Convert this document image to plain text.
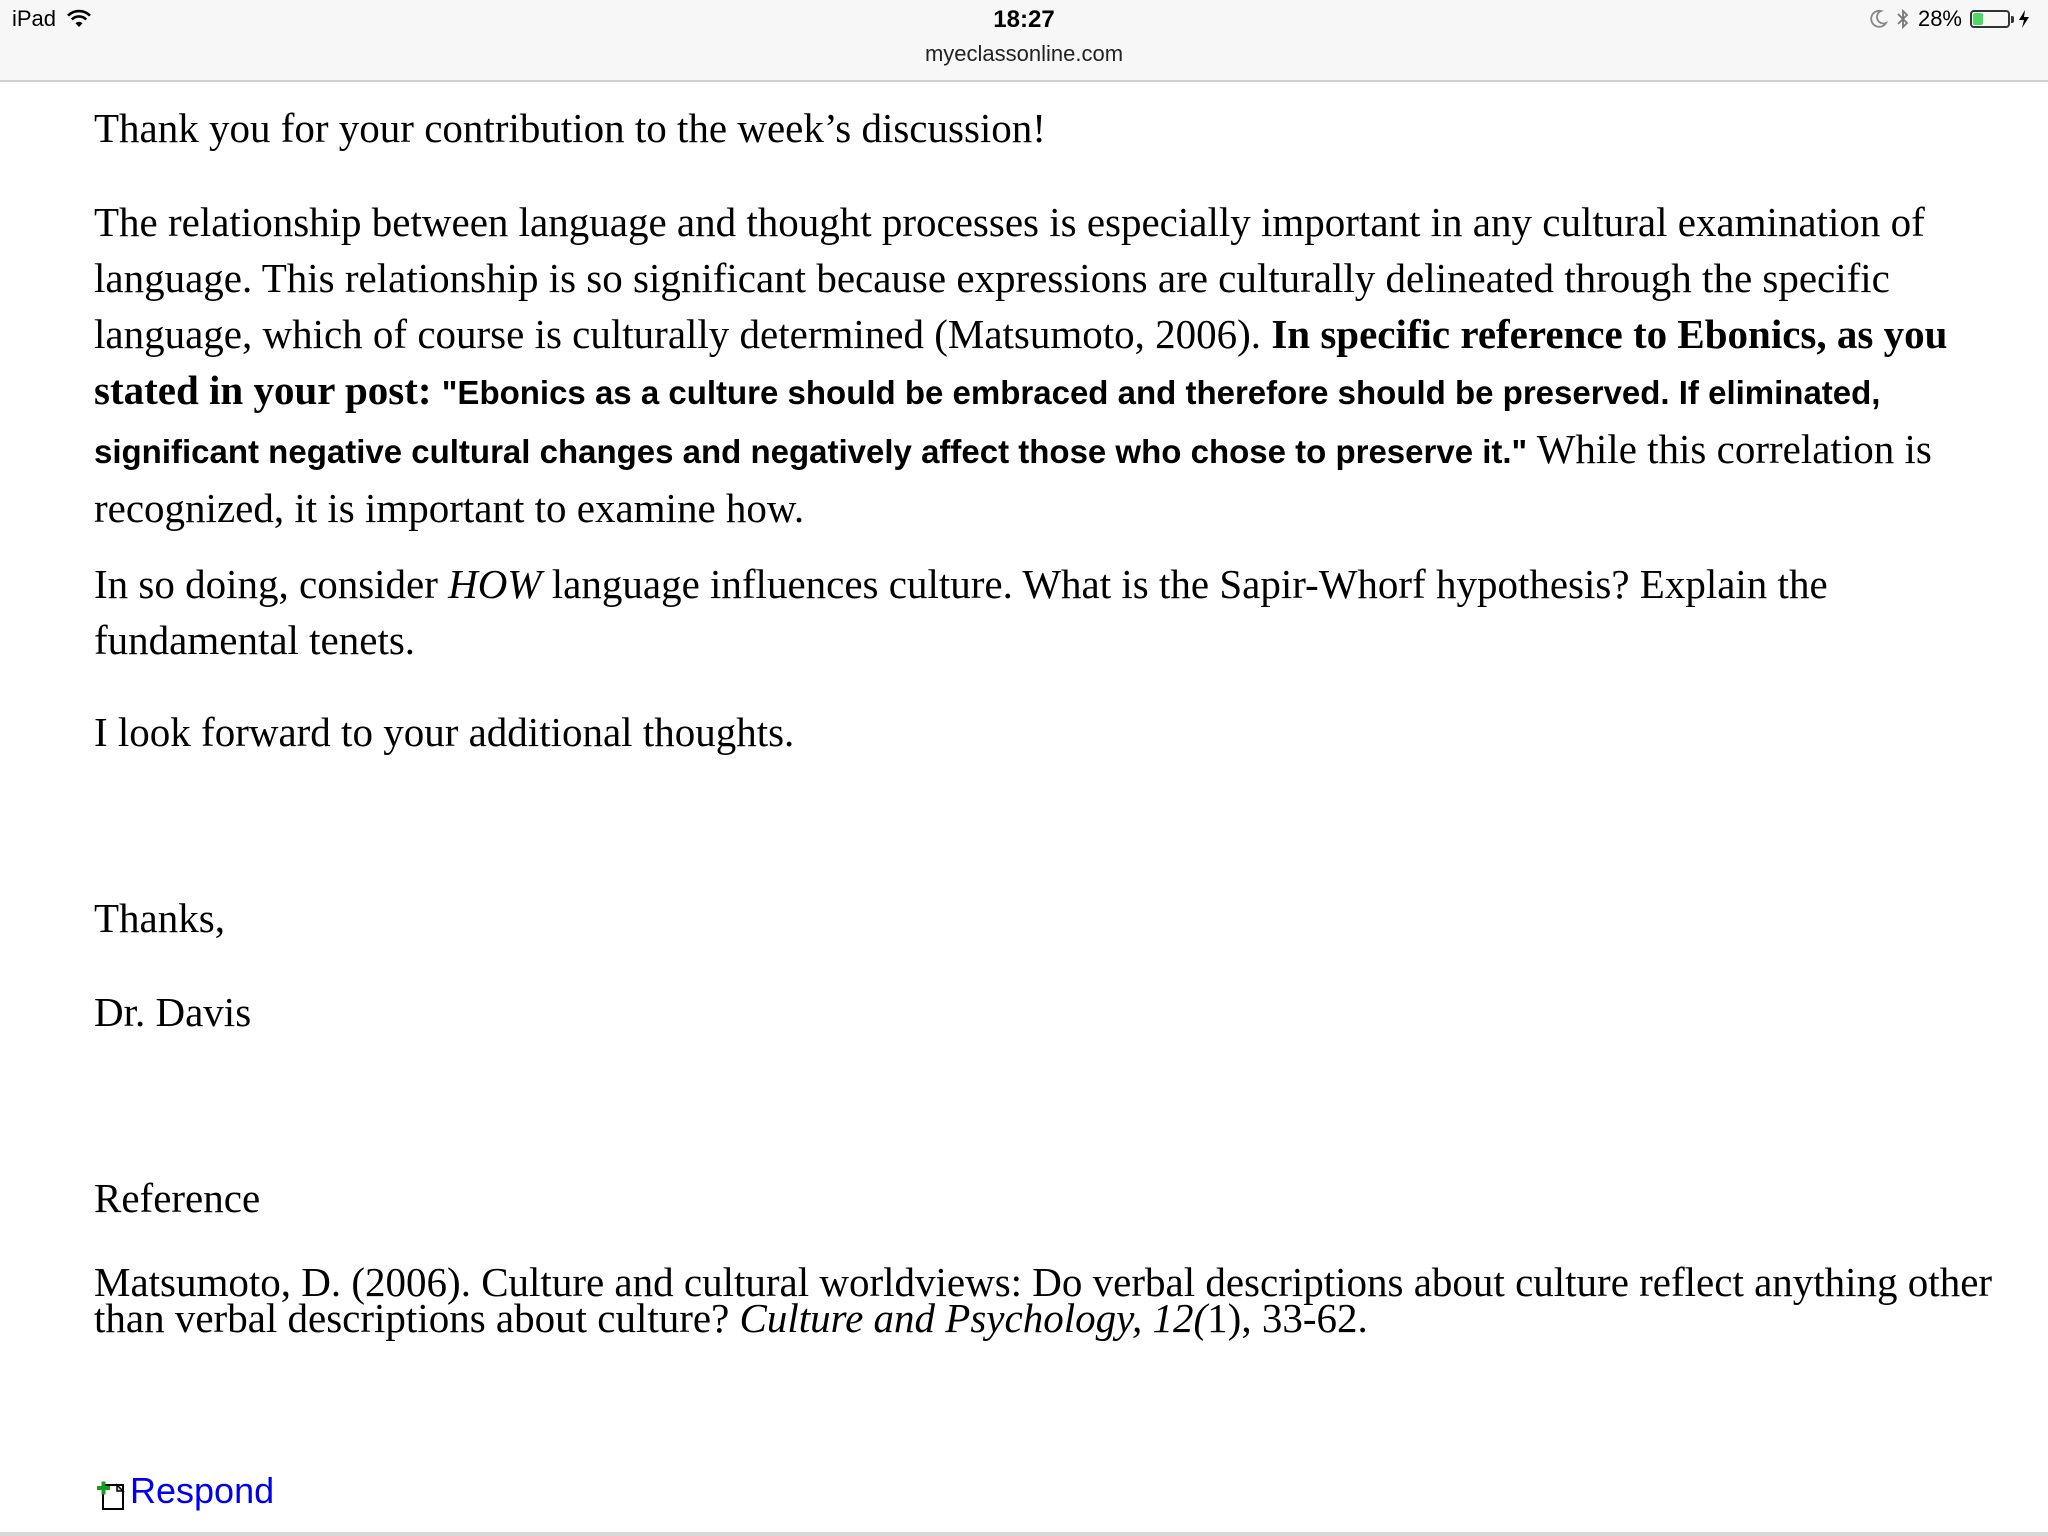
iPad	18:27
myeclassonline.com
28%

Thank you for your contribution to the week’s discussion!

The relationship between language and thought processes is especially important in any cultural examination of language. This relationship is so significant because expressions are culturally delineated through the specific language, which of course is culturally determined (Matsumoto, 2006). In specific reference to Ebonics, as you stated in your post: "Ebonics as a culture should be embraced and therefore should be preserved. If eliminated, significant negative cultural changes and negatively affect those who chose to preserve it." While this correlation is recognized, it is important to examine how.

In so doing, consider HOW language influences culture. What is the Sapir-Whorf hypothesis? Explain the fundamental tenets.

I look forward to your additional thoughts.

Thanks,

Dr. Davis

Reference

Matsumoto, D. (2006). Culture and cultural worldviews: Do verbal descriptions about culture reflect anything other than verbal descriptions about culture? Culture and Psychology, 12(1), 33-62.

Respond
